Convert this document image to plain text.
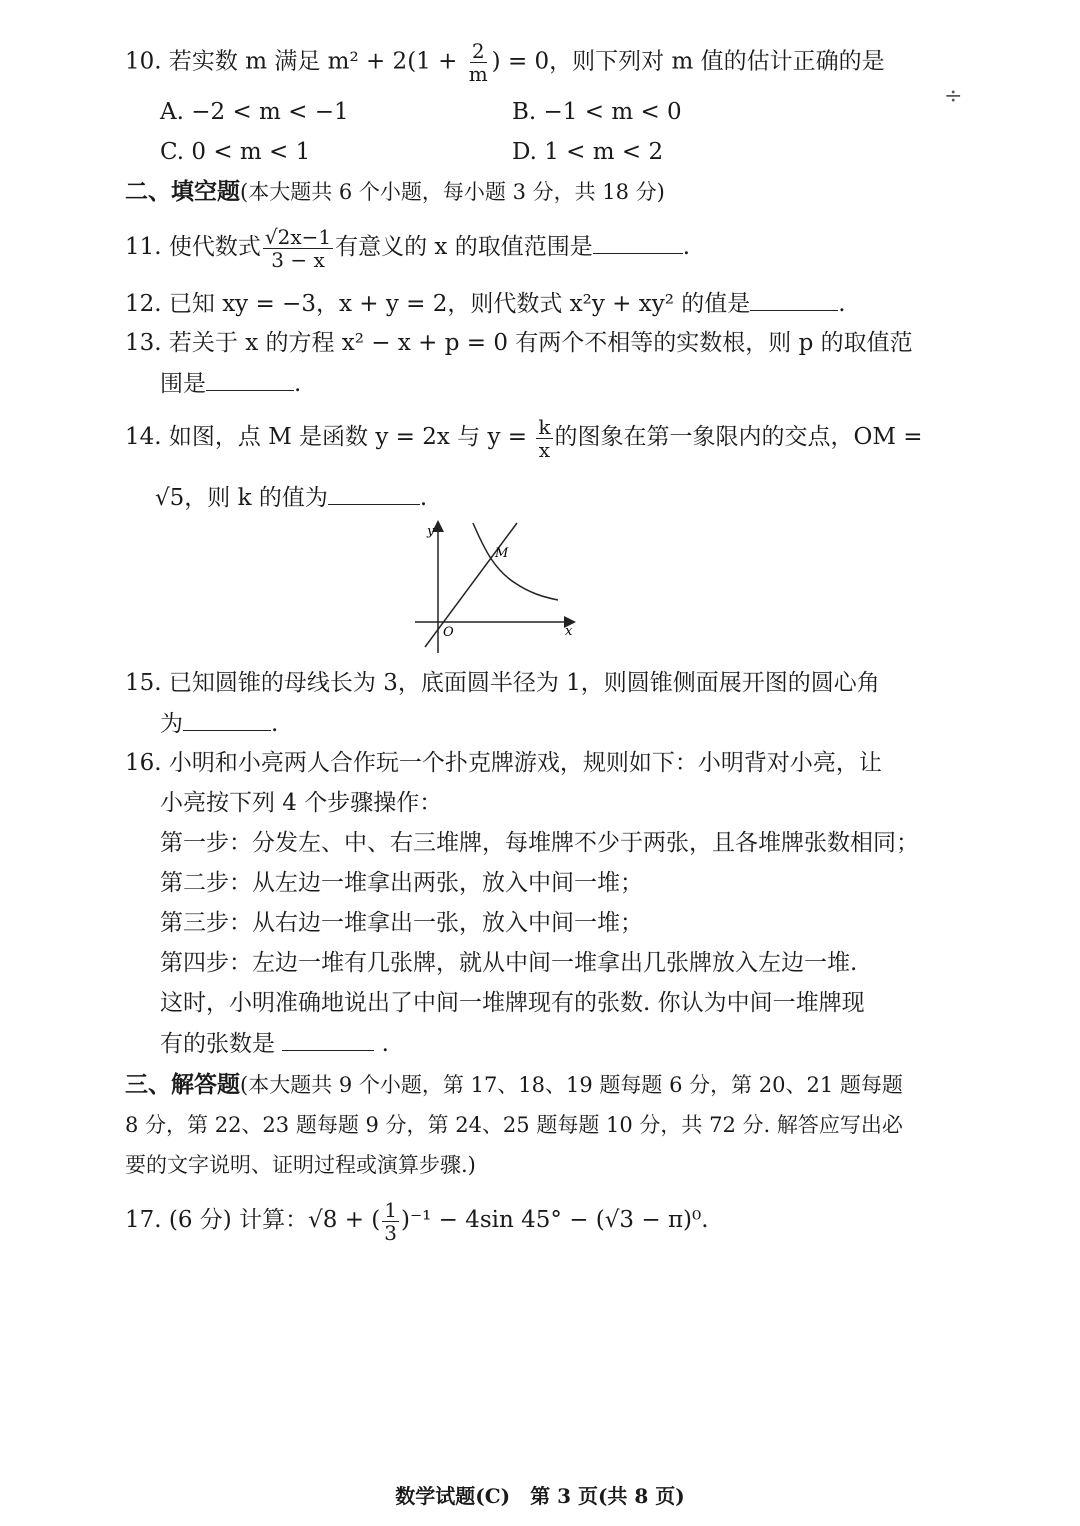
10. 若实数 m 满足 $m^2 + 2(1 + \frac{2}{m}$ ) = 0，则下列对 m 值的估计正确的是
A. −2 < m < −1	B. −1 < m < 0
C. 0 < m < 1	D. 1 < m < 2
÷
二、填空题(本大题共 6 个小题，每小题 3 分，共 18 分)
11. 使代数式 $\frac{√2x-1}{3 - x}$ 有意义的 x 的取值范围是	.
12. 已知 xy = −3，x + y = 2，则代数式 x²y + xy² 的值是	.
13. 若关于 x 的方程 x² − x + p = 0 有两个不相等的实数根，则 p 的取值范
围是	.
14. 如图，点 M 是函数 y = 2x 与 $y = \frac{k}{x}$ 的图象在第一象限内的交点，OM =
√5，则 k 的值为	.
y
x
O
M
15. 已知圆锥的母线长为 3，底面圆半径为 1，则圆锥侧面展开图的圆心角
为	.
16. 小明和小亮两人合作玩一个扑克牌游戏，规则如下：小明背对小亮，让
小亮按下列 4 个步骤操作：
第一步：分发左、中、右三堆牌，每堆牌不少于两张，且各堆牌张数相同；
第二步：从左边一堆拿出两张，放入中间一堆；
第三步：从右边一堆拿出一张，放入中间一堆；
第四步：左边一堆有几张牌，就从中间一堆拿出几张牌放入左边一堆.
这时，小明准确地说出了中间一堆牌现有的张数. 你认为中间一堆牌现
有的张数是	.
三、解答题(本大题共 9 个小题，第 17、18、19 题每题 6 分，第 20、21 题每题
8 分，第 22、23 题每题 9 分，第 24、25 题每题 10 分，共 72 分. 解答应写出必
要的文字说明、证明过程或演算步骤.)
17. (6 分) 计算：√8 + ( $\frac{1}{3} )^{-1} - 4\sin$ 45° − (√3 − π)⁰.
数学试题(C)　第 3 页(共 8 页)
